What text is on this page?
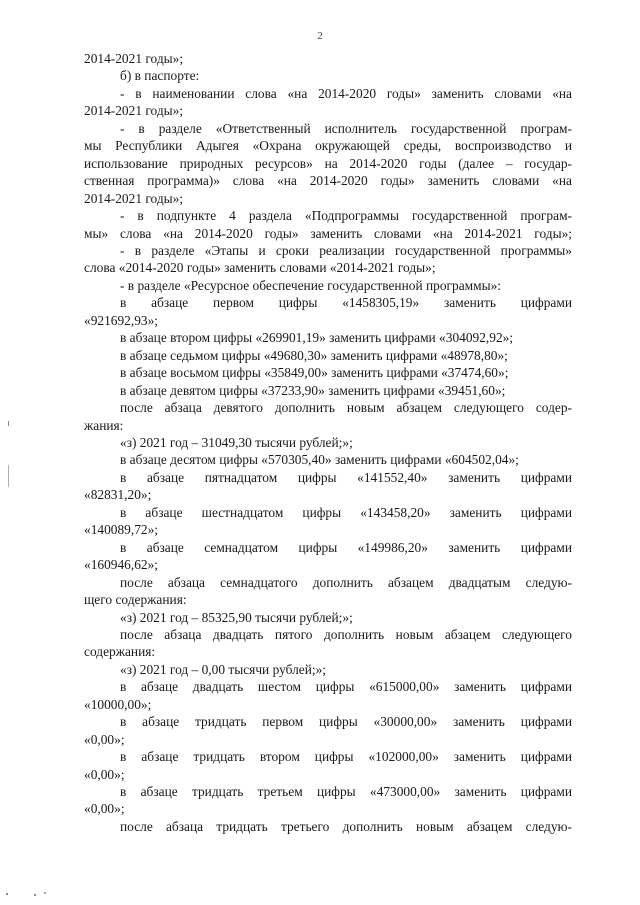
2

2014-2021 годы»;

б) в паспорте:

- в наименовании слова «на 2014-2020 годы» заменить словами «на

2014-2021 годы»;

- в разделе «Ответственный исполнитель государственной програм-

мы Республики Адыгея «Охрана окружающей среды, воспроизводство и

использование природных ресурсов» на 2014-2020 годы (далее – государ-

ственная программа)» слова «на 2014-2020 годы» заменить словами «на

2014-2021 годы»;

- в подпункте 4 раздела «Подпрограммы государственной програм-

мы» слова «на 2014-2020 годы» заменить словами «на 2014-2021 годы»;

- в разделе «Этапы и сроки реализации государственной программы»

слова «2014-2020 годы» заменить словами «2014-2021 годы»;

- в разделе «Ресурсное обеспечение государственной программы»:

в абзаце первом цифры «1458305,19» заменить цифрами

«921692,93»;

в абзаце втором цифры «269901,19» заменить цифрами «304092,92»;

в абзаце седьмом цифры «49680,30» заменить цифрами «48978,80»;

в абзаце восьмом цифры «35849,00» заменить цифрами «37474,60»;

в абзаце девятом цифры «37233,90» заменить цифрами «39451,60»;

после абзаца девятого дополнить новым абзацем следующего содер-

жания:

«з) 2021 год – 31049,30 тысячи рублей;»;

в абзаце десятом цифры «570305,40» заменить цифрами «604502,04»;

в абзаце пятнадцатом цифры «141552,40» заменить цифрами

«82831,20»;

в абзаце шестнадцатом цифры «143458,20» заменить цифрами

«140089,72»;

в абзаце семнадцатом цифры «149986,20» заменить цифрами

«160946,62»;

после абзаца семнадцатого дополнить абзацем двадцатым следую-

щего содержания:

«з) 2021 год – 85325,90 тысячи рублей;»;

после абзаца двадцать пятого дополнить новым абзацем следующего

содержания:

«з) 2021 год – 0,00 тысячи рублей;»;

в абзаце двадцать шестом цифры «615000,00» заменить цифрами

«10000,00»;

в абзаце тридцать первом цифры «30000,00» заменить цифрами

«0,00»;

в абзаце тридцать втором цифры «102000,00» заменить цифрами

«0,00»;

в абзаце тридцать третьем цифры «473000,00» заменить цифрами

«0,00»;

после абзаца тридцать третьего дополнить новым абзацем следую-
